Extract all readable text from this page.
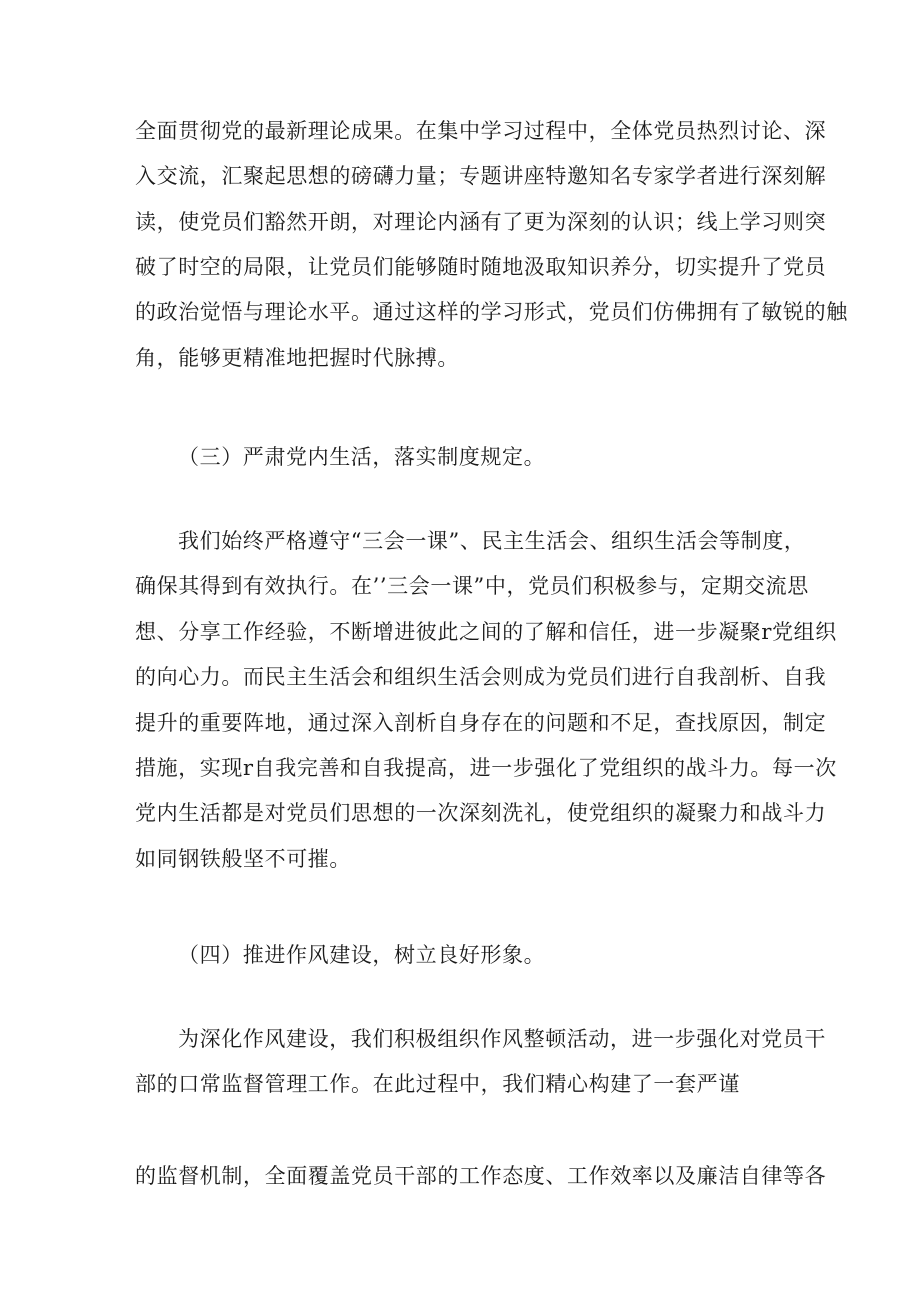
全面贯彻党的最新理论成果。在集中学习过程中，全体党员热烈讨论、深
入交流，汇聚起思想的磅礴力量；专题讲座特邀知名专家学者进行深刻解
读，使党员们豁然开朗，对理论内涵有了更为深刻的认识；线上学习则突
破了时空的局限，让党员们能够随时随地汲取知识养分，切实提升了党员
的政治觉悟与理论水平。通过这样的学习形式，党员们仿佛拥有了敏锐的触
角，能够更精准地把握时代脉搏。
（三）严肃党内生活，落实制度规定。
我们始终严格遵守“三会一课”、民主生活会、组织生活会等制度，
确保其得到有效执行。在’’三会一课”中，党员们积极参与，定期交流思
想、分享工作经验，不断增进彼此之间的了解和信任，进一步凝聚r党组织
的向心力。而民主生活会和组织生活会则成为党员们进行自我剖析、自我
提升的重要阵地，通过深入剖析自身存在的问题和不足，查找原因，制定
措施，实现r自我完善和自我提高，进一步强化了党组织的战斗力。每一次
党内生活都是对党员们思想的一次深刻洗礼，使党组织的凝聚力和战斗力
如同钢铁般坚不可摧。
（四）推进作风建设，树立良好形象。
为深化作风建设，我们积极组织作风整顿活动，进一步强化对党员干
部的口常监督管理工作。在此过程中，我们精心构建了一套严谨
的监督机制，全面覆盖党员干部的工作态度、工作效率以及廉洁自律等各
